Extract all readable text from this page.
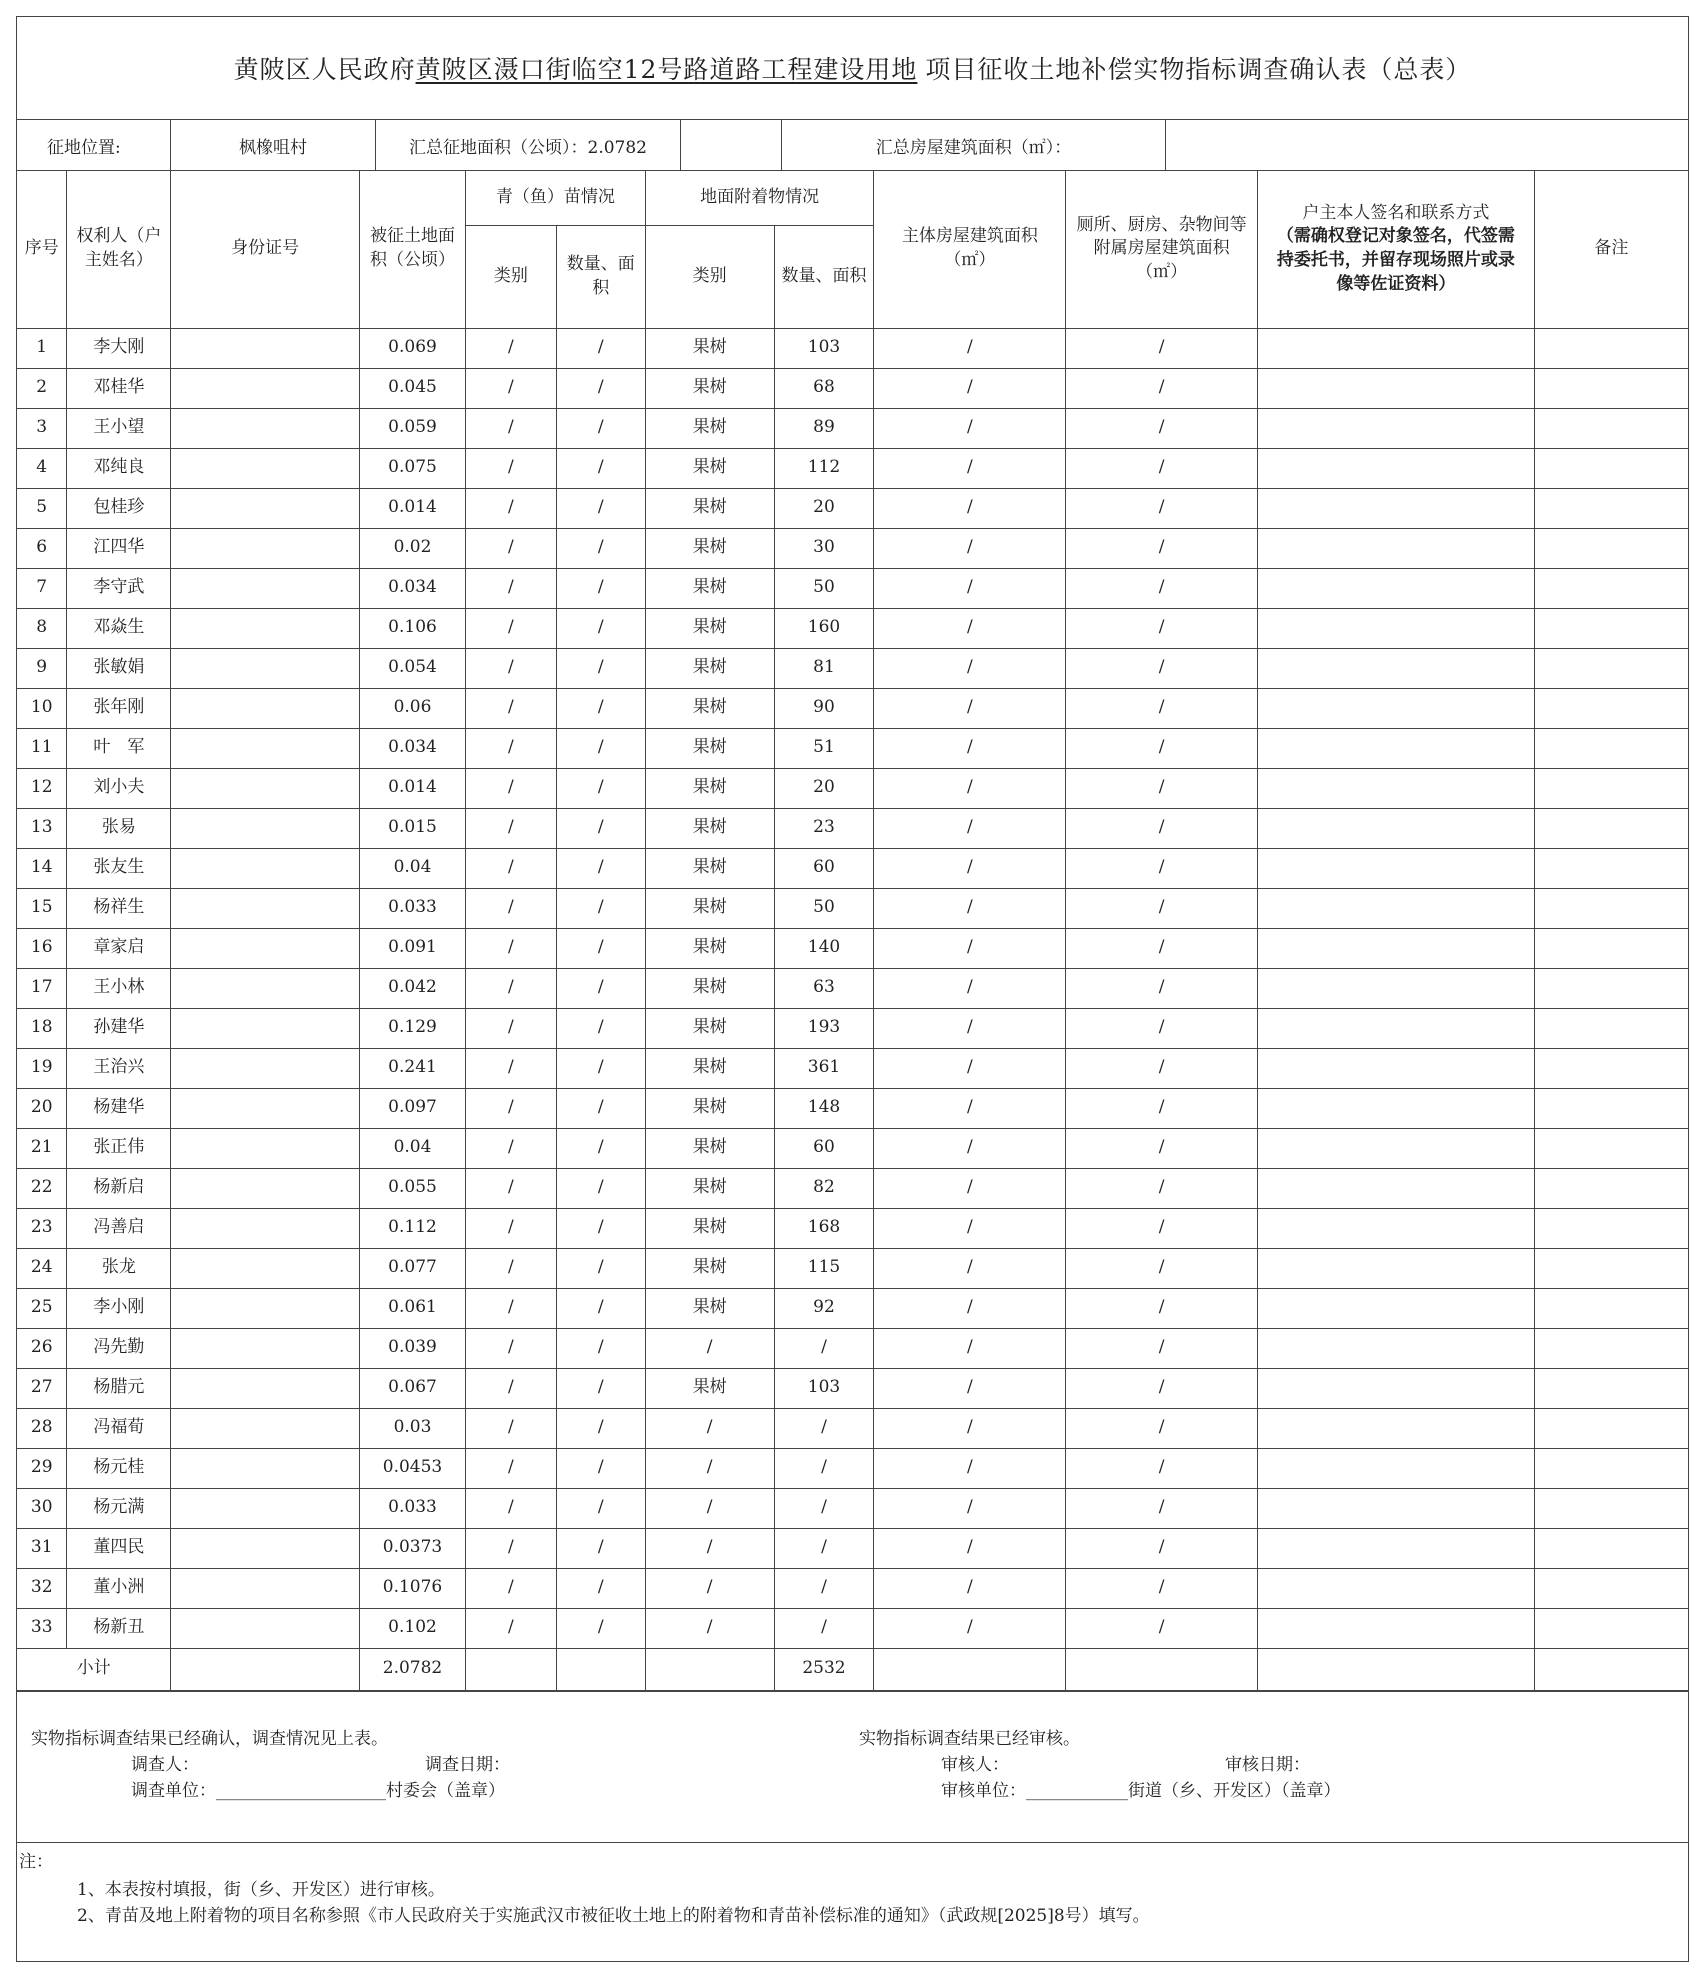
黄陂区人民政府 黄陂区滠口街临空12号路道路工程建设用地 项目征收土地补偿实物指标调查确认表（总表）
征地位置:	枫橡咀村	汇总征地面积（公顷）：2.0782	汇总房屋建筑面积（㎡）：
序号	权利人（户主姓名）	身份证号	被征土地面积（公顷）	青（鱼）苗情况		地面附着物情况		主体房屋建筑面积（㎡）	厕所、厨房、杂物间等附属房屋建筑面积（㎡）	户主本人签名和联系方式
（需确权登记对象签名，代签需持委托书，并留存现场照片或录像等佐证资料）	备注
				类别	数量、面积	类别	数量、面积				
1	李大刚		0.069	/	/	果树	103	/	/		
2	邓桂华		0.045	/	/	果树	68	/	/		
3	王小望		0.059	/	/	果树	89	/	/		
4	邓纯良		0.075	/	/	果树	112	/	/		
5	包桂珍		0.014	/	/	果树	20	/	/		
6	江四华		0.02	/	/	果树	30	/	/		
7	李守武		0.034	/	/	果树	50	/	/		
8	邓焱生		0.106	/	/	果树	160	/	/		
9	张敏娟		0.054	/	/	果树	81	/	/		
10	张年刚		0.06	/	/	果树	90	/	/		
11	叶　军		0.034	/	/	果树	51	/	/		
12	刘小夫		0.014	/	/	果树	20	/	/		
13	张易		0.015	/	/	果树	23	/	/		
14	张友生		0.04	/	/	果树	60	/	/		
15	杨祥生		0.033	/	/	果树	50	/	/		
16	章家启		0.091	/	/	果树	140	/	/		
17	王小林		0.042	/	/	果树	63	/	/		
18	孙建华		0.129	/	/	果树	193	/	/		
19	王治兴		0.241	/	/	果树	361	/	/		
20	杨建华		0.097	/	/	果树	148	/	/		
21	张正伟		0.04	/	/	果树	60	/	/		
22	杨新启		0.055	/	/	果树	82	/	/		
23	冯善启		0.112	/	/	果树	168	/	/		
24	张龙		0.077	/	/	果树	115	/	/		
25	李小刚		0.061	/	/	果树	92	/	/		
26	冯先勤		0.039	/	/	/	/	/	/		
27	杨腊元		0.067	/	/	果树	103	/	/		
28	冯福荀		0.03	/	/	/	/	/	/		
29	杨元桂		0.0453	/	/	/	/	/	/		
30	杨元满		0.033	/	/	/	/	/	/		
31	董四民		0.0373	/	/	/	/	/	/		
32	董小洲		0.1076	/	/	/	/	/	/		
33	杨新丑		0.102	/	/	/	/	/	/		
小计			2.0782				2532				
实物指标调查结果已经确认，调查情况见上表。
调查人：	调查日期：
调查单位：____________________村委会（盖章）
实物指标调查结果已经审核。
审核人：	审核日期：
审核单位：____________街道（乡、开发区）（盖章）
注：
1、本表按村填报，街（乡、开发区）进行审核。
2、青苗及地上附着物的项目名称参照《市人民政府关于实施武汉市被征收土地上的附着物和青苗补偿标准的通知》（武政规[2025]8号）填写。
